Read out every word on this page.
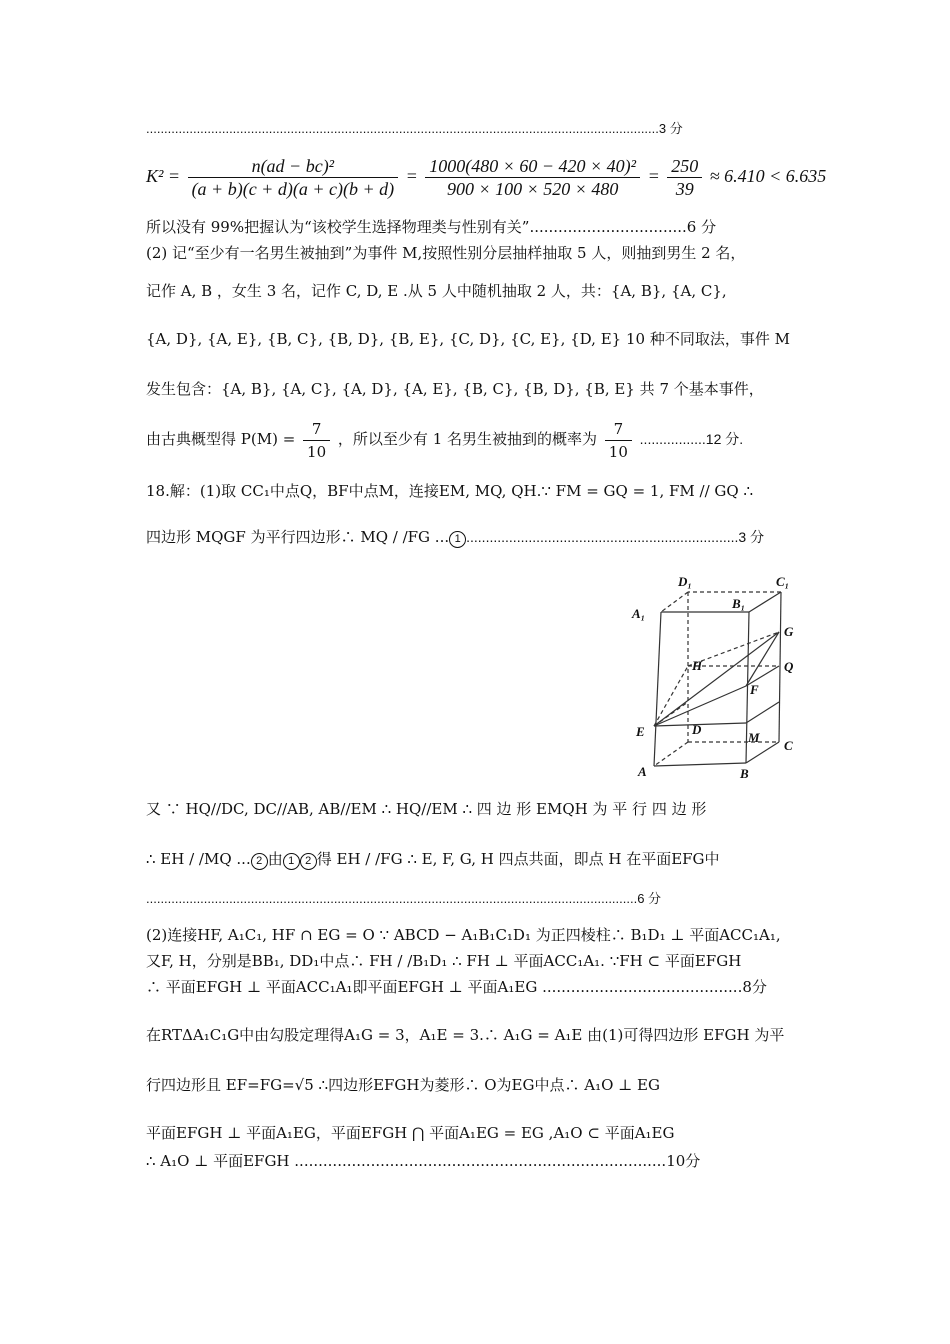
..............................................................................................................................................3 分
$K^2 = \frac{\text{n(ad − bc)²}}{(a + b)(c + d)(a + c)(b + d)} = \frac{\text{1000(480 × 60 − 420 × 40)²}}{900 \times 100 \times 520 \times 480} = \frac{250}{39} \approx 6.410 < 6.635$
所以没有 99%把握认为“该校学生选择物理类与性别有关”.................................6 分
(2) 记“至少有一名男生被抽到”为事件 M,按照性别分层抽样抽取 5 人，则抽到男生 2 名，
记作 A, B ，女生 3 名，记作 C, D, E .从 5 人中随机抽取 2 人，共：{A, B}, {A, C},
{A, D}, {A, E}, {B, C}, {B, D}, {B, E}, {C, D}, {C, E}, {D, E} 10 种不同取法，事件 M
发生包含：{A, B}, {A, C}, {A, D}, {A, E}, {B, C}, {B, D}, {B, E} 共 7 个基本事件，
由古典概型得 $P(M) = \frac{7}{10}$ ，所以至少有 1 名男生被抽到的概率为 $\frac{7}{10} .................12$ 分.
18.解：(1)取 CC₁中点Q，BF中点M，连接EM, MQ, QH.∵ FM = GQ = 1, FM // GQ ∴
四边形 MQGF 为平行四边形∴ MQ / /FG ... 1 ......................................................................3 分
D₁	C₁
A₁
B₁
G
H	Q
F
E	D
M
C
A	B
又 ∵ HQ//DC, DC//AB, AB//EM ∴ HQ//EM ∴ 四 边 形 EMQH 为 平 行 四 边 形
∴ EH / /MQ ... 2 由 1 2 得 EH / /FG ∴ E, F, G, H 四点共面，即点 H 在平面EFG中
........................................................................................................................................6 分
(2)连接HF, A₁C₁, HF ∩ EG = O ∵ ABCD − A₁B₁C₁D₁ 为正四棱柱∴ B₁D₁ ⊥ 平面ACC₁A₁,
又F, H，分别是BB₁, DD₁中点∴ FH / /B₁D₁ ∴ FH ⊥ 平面ACC₁A₁. ∵FH ⊂ 平面EFGH
∴ 平面EFGH ⊥ 平面ACC₁A₁即平面EFGH ⊥ 平面A₁EG ..........................................8分
在RTΔA₁C₁G中由勾股定理得A₁G = 3，A₁E = 3.∴ A₁G = A₁E 由(1)可得四边形 EFGH 为平
行四边形且 EF=FG=√5 ∴四边形EFGH为菱形∴ O为EG中点∴ A₁O ⊥ EG
平面EFGH ⊥ 平面A₁EG，平面EFGH ⋂ 平面A₁EG = EG ,A₁O ⊂ 平面A₁EG
∴ A₁O ⊥ 平面EFGH ..............................................................................10分
